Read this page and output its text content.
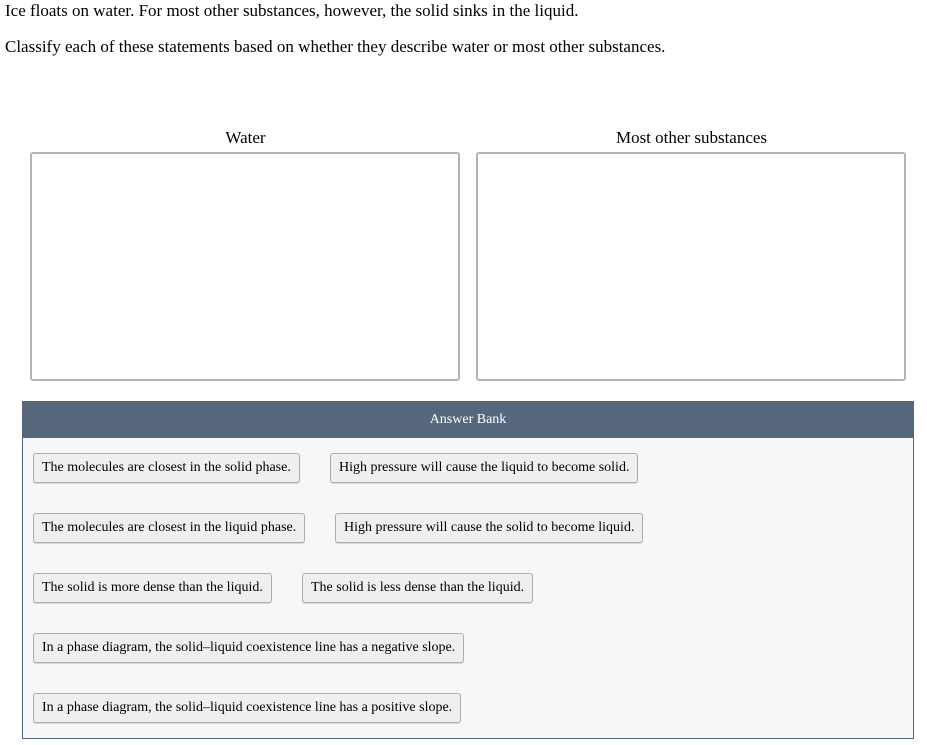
Ice floats on water. For most other substances, however, the solid sinks in the liquid.
Classify each of these statements based on whether they describe water or most other substances.
Water	Most other substances
Answer Bank
The molecules are closest in the solid phase.	High pressure will cause the liquid to become solid.
The molecules are closest in the liquid phase.	High pressure will cause the solid to become liquid.
The solid is more dense than the liquid.	The solid is less dense than the liquid.
In a phase diagram, the solid–liquid coexistence line has a negative slope.
In a phase diagram, the solid–liquid coexistence line has a positive slope.
